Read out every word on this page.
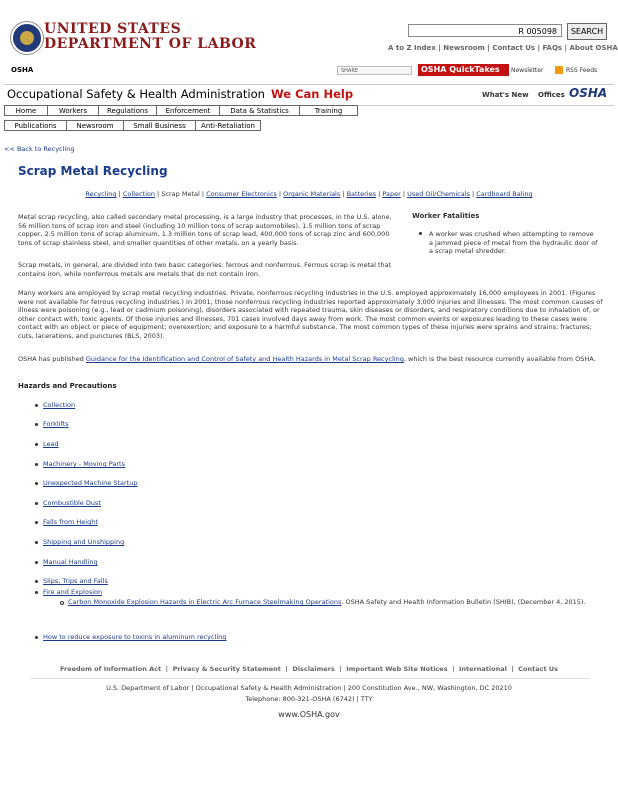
UNITED STATES
DEPARTMENT OF LABOR
R 005098	SEARCH
A to Z Index | Newsroom | Contact Us | FAQs | About OSHA
OSHA	SHARE	OSHA QuickTakes	Newsletter	RSS Feeds
Occupational Safety & Health Administration We Can Help	What's New Offices OSHA
Home	Workers	Regulations	Enforcement	Data & Statistics	Training
Publications	Newsroom	Small Business	Anti-Retaliation
<< Back to Recycling
Scrap Metal Recycling
Recycling | Collection | Scrap Metal | Consumer Electronics | Organic Materials | Batteries | Paper | Used Oil/Chemicals | Cardboard Baling
Metal scrap recycling, also called secondary metal processing, is a large industry that processes, in the U.S. alone, 56 million tons of scrap iron and steel (including 10 million tons of scrap automobiles), 1.5 million tons of scrap copper, 2.5 million tons of scrap aluminum, 1.3 million tons of scrap lead, 400,000 tons of scrap zinc and 600,000 tons of scrap stainless steel, and smaller quantities of other metals, on a yearly basis.
Scrap metals, in general, are divided into two basic categories: ferrous and nonferrous. Ferrous scrap is metal that contains iron, while nonferrous metals are metals that do not contain iron.
Many workers are employed by scrap metal recycling industries. Private, nonferrous recycling industries in the U.S. employed approximately 16,000 employees in 2001. (Figures were not available for ferrous recycling industries.) In 2001, those nonferrous recycling industries reported approximately 3,000 injuries and illnesses. The most common causes of illness were poisoning (e.g., lead or cadmium poisoning), disorders associated with repeated trauma, skin diseases or disorders, and respiratory conditions due to inhalation of, or other contact with, toxic agents. Of those injuries and illnesses, 701 cases involved days away from work. The most common events or exposures leading to these cases were contact with an object or piece of equipment; overexertion; and exposure to a harmful substance. The most common types of these injuries were sprains and strains; fractures; cuts, lacerations, and punctures (BLS, 2003).
OSHA has published Guidance for the Identification and Control of Safety and Health Hazards in Metal Scrap Recycling, which is the best resource currently available from OSHA.
Worker Fatalities
A worker was crushed when attempting to remove a jammed piece of metal from the hydraulic door of a scrap metal shredder.
Hazards and Precautions
Collection
Forklifts
Lead
Machinery - Moving Parts
Unexpected Machine Startup
Combustible Dust
Falls from Height
Shipping and Unshipping
Manual Handling
Slips, Trips and Falls
Fire and Explosion
Carbon Monoxide Explosion Hazards in Electric Arc Furnace Steelmaking Operations. OSHA Safety and Health Information Bulletin (SHIB), (December 4, 2015).
How to reduce exposure to toxins in aluminum recycling
Freedom of Information Act  |  Privacy & Security Statement  |  Disclaimers  |  Important Web Site Notices  |  International  |  Contact Us
U.S. Department of Labor | Occupational Safety & Health Administration | 200 Constitution Ave., NW, Washington, DC 20210
Telephone: 800-321-OSHA (6742) | TTY
www.OSHA.gov
